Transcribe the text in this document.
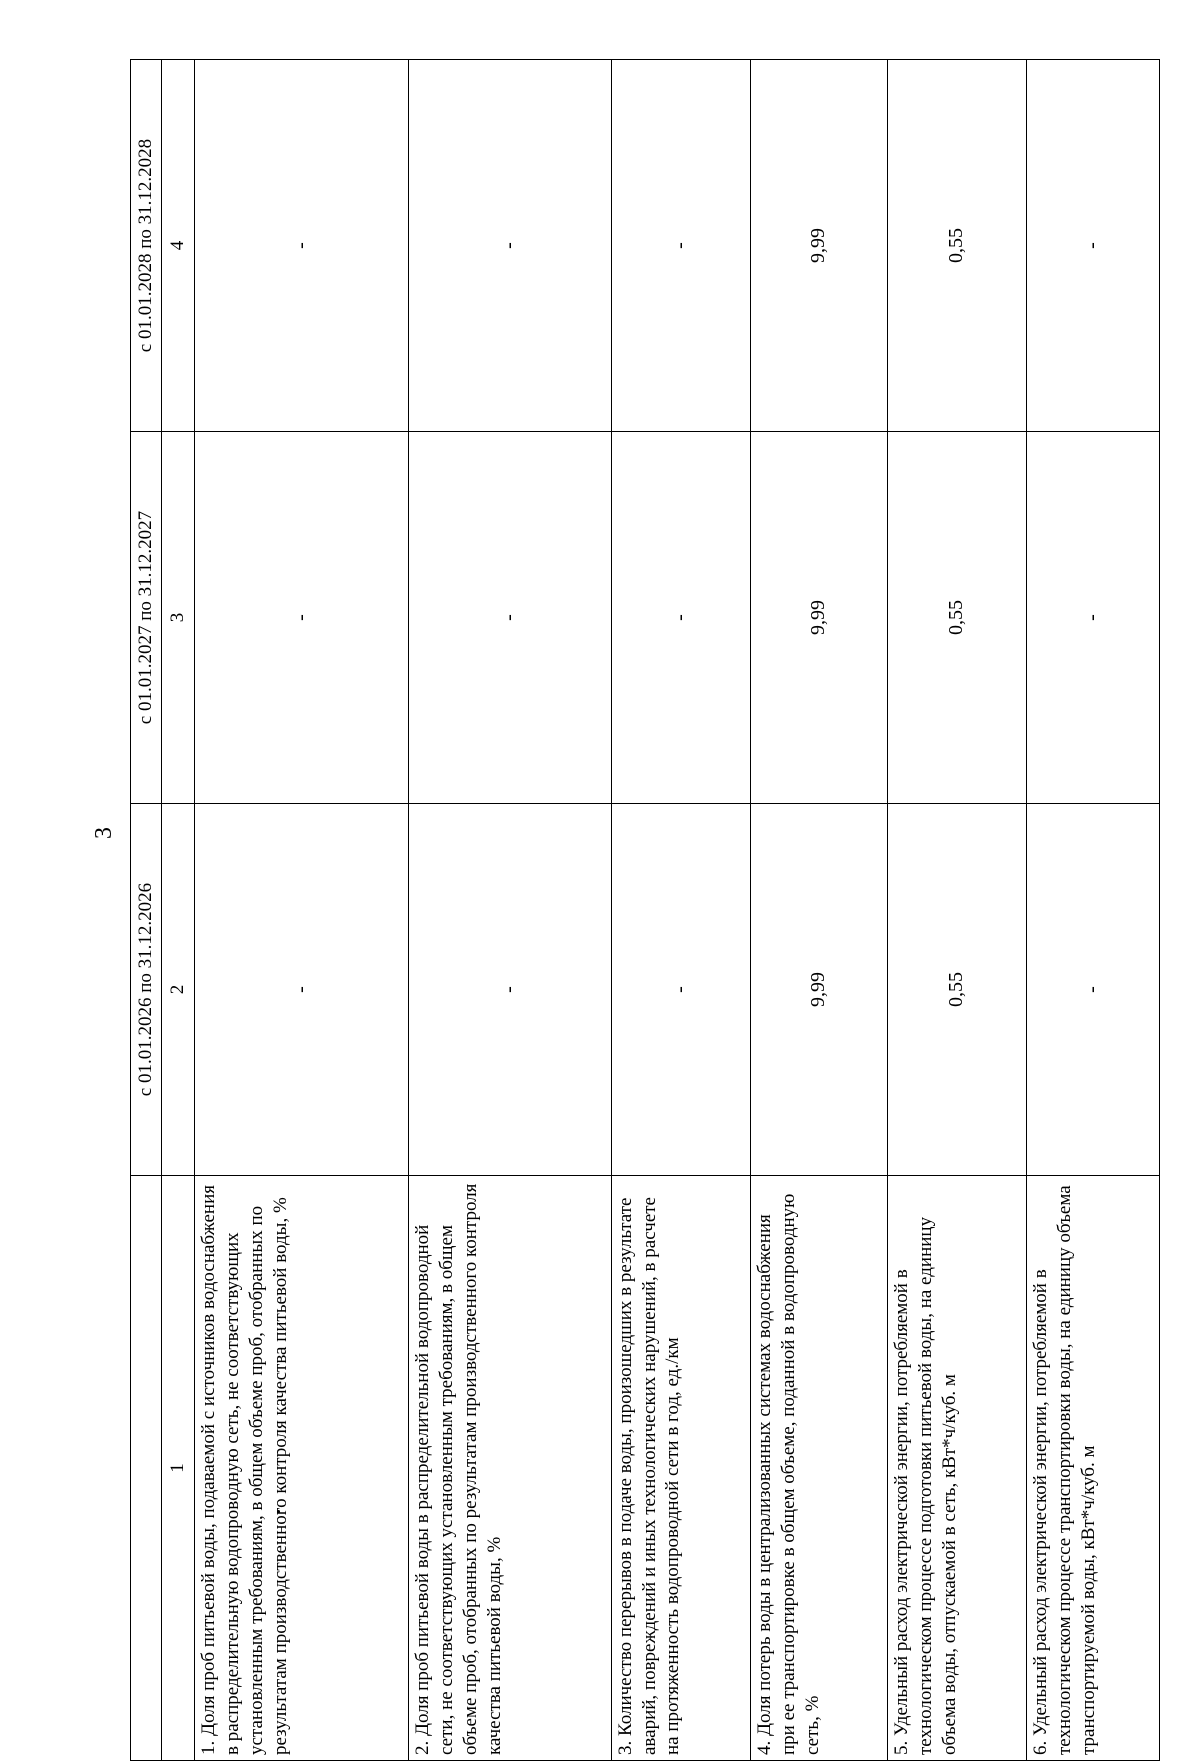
3
	с 01.01.2026 по 31.12.2026	с 01.01.2027 по 31.12.2027	с 01.01.2028 по 31.12.2028
1	2	3	4
1. Доля проб питьевой воды, подаваемой с источников водоснабжения в распределительную водопроводную сеть, не соответствующих установленным требованиям, в общем объеме проб, отобранных по результатам производственного контроля качества питьевой воды, %	-	-	-
2. Доля проб питьевой воды в распределительной водопроводной сети, не соответствующих установленным требованиям, в общем объеме проб, отобранных по результатам производственного контроля качества питьевой воды, %	-	-	-
3. Количество перерывов в подаче воды, произошедших в результате аварий, повреждений и иных технологических нарушений, в расчете на протяженность водопроводной сети в год, ед./км	-	-	-
4. Доля потерь воды в централизованных системах водоснабжения при ее транспортировке в общем объеме, поданной в водопроводную сеть, %	9,99	9,99	9,99
5. Удельный расход электрической энергии, потребляемой в технологическом процессе подготовки питьевой воды, на единицу объема воды, отпускаемой в сеть, кВт*ч/куб. м	0,55	0,55	0,55
6. Удельный расход электрической энергии, потребляемой в технологическом процессе транспортировки воды, на единицу объема транспортируемой воды, кВт*ч/куб. м	-	-	-
